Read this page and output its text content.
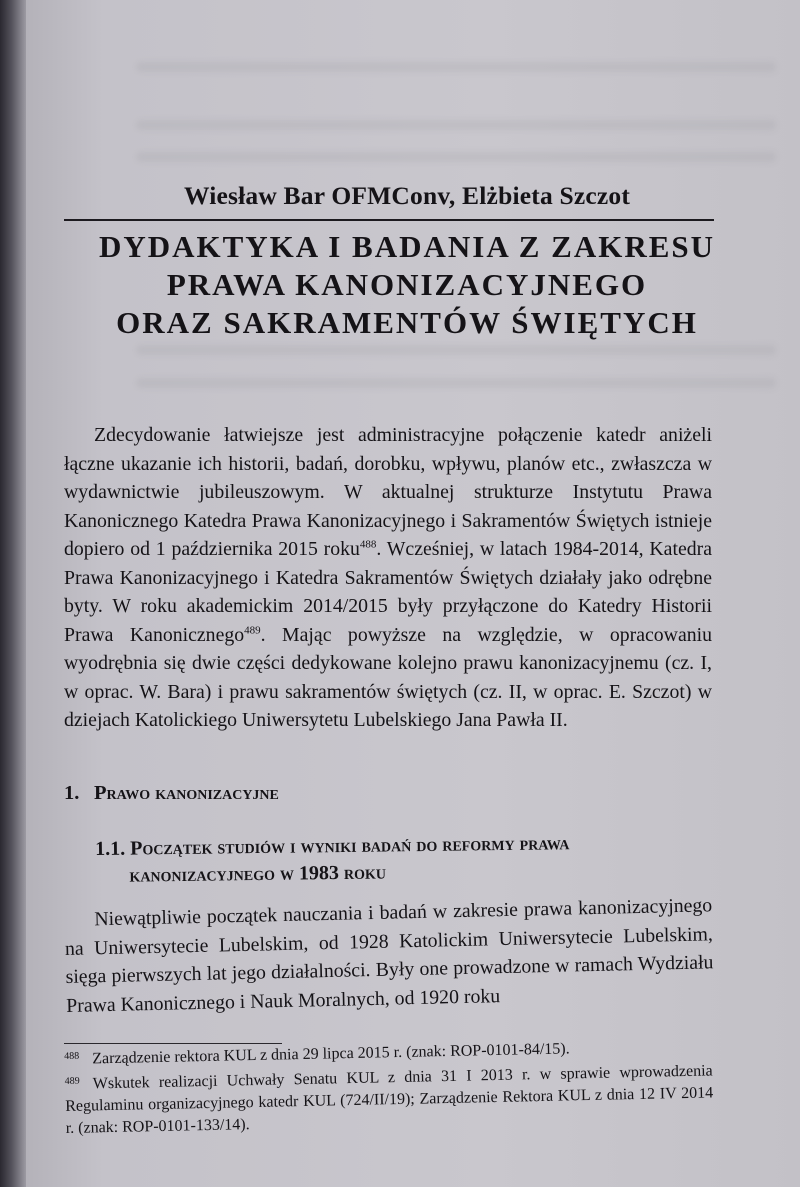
Wiesław Bar OFMConv, Elżbieta Szczot
DYDAKTYKA I BADANIA Z ZAKRESU
PRAWA KANONIZACYJNEGO
ORAZ SAKRAMENTÓW ŚWIĘTYCH

Zdecydowanie łatwiejsze jest administracyjne połączenie katedr aniżeli łączne ukazanie ich historii, badań, dorobku, wpływu, planów etc., zwłaszcza w wydawnictwie jubileuszowym. W aktualnej strukturze Instytutu Prawa Kanonicznego Katedra Prawa Kanonizacyjnego i Sakramentów Świętych istnieje dopiero od 1 października 2015 roku$^{488}$. Wcześniej, w latach 1984-2014, Katedra Prawa Kanonizacyjnego i Katedra Sakramentów Świętych działały jako odrębne byty. W roku akademickim 2014/2015 były przyłączone do Katedry Historii Prawa Kanonicznego$^{489}$. Mając powyższe na względzie, w opracowaniu wyodrębnia się dwie części dedykowane kolejno prawu kanonizacyjnemu (cz. I, w oprac. W. Bara) i prawu sakramentów świętych (cz. II, w oprac. E. Szczot) w dziejach Katolickiego Uniwersytetu Lubelskiego Jana Pawła II.

1. Prawo kanonizacyjne
1.1. Początek studiów i wyniki badań do reformy prawa
kanonizacyjnego w 1983 roku

Niewątpliwie początek nauczania i badań w zakresie prawa kanonizacyjnego na Uniwersytecie Lubelskim, od 1928 Katolickim Uniwersytecie Lubelskim, sięga pierwszych lat jego działalności. Były one prowadzone w ramach Wydziału Prawa Kanonicznego i Nauk Moralnych, od 1920 roku

488 Zarządzenie rektora KUL z dnia 29 lipca 2015 r. (znak: ROP-0101-84/15).

489 Wskutek realizacji Uchwały Senatu KUL z dnia 31 I 2013 r. w sprawie wprowadzenia Regulaminu organizacyjnego katedr KUL (724/II/19); Zarządzenie Rektora KUL z dnia 12 IV 2014 r. (znak: ROP-0101-133/14).
